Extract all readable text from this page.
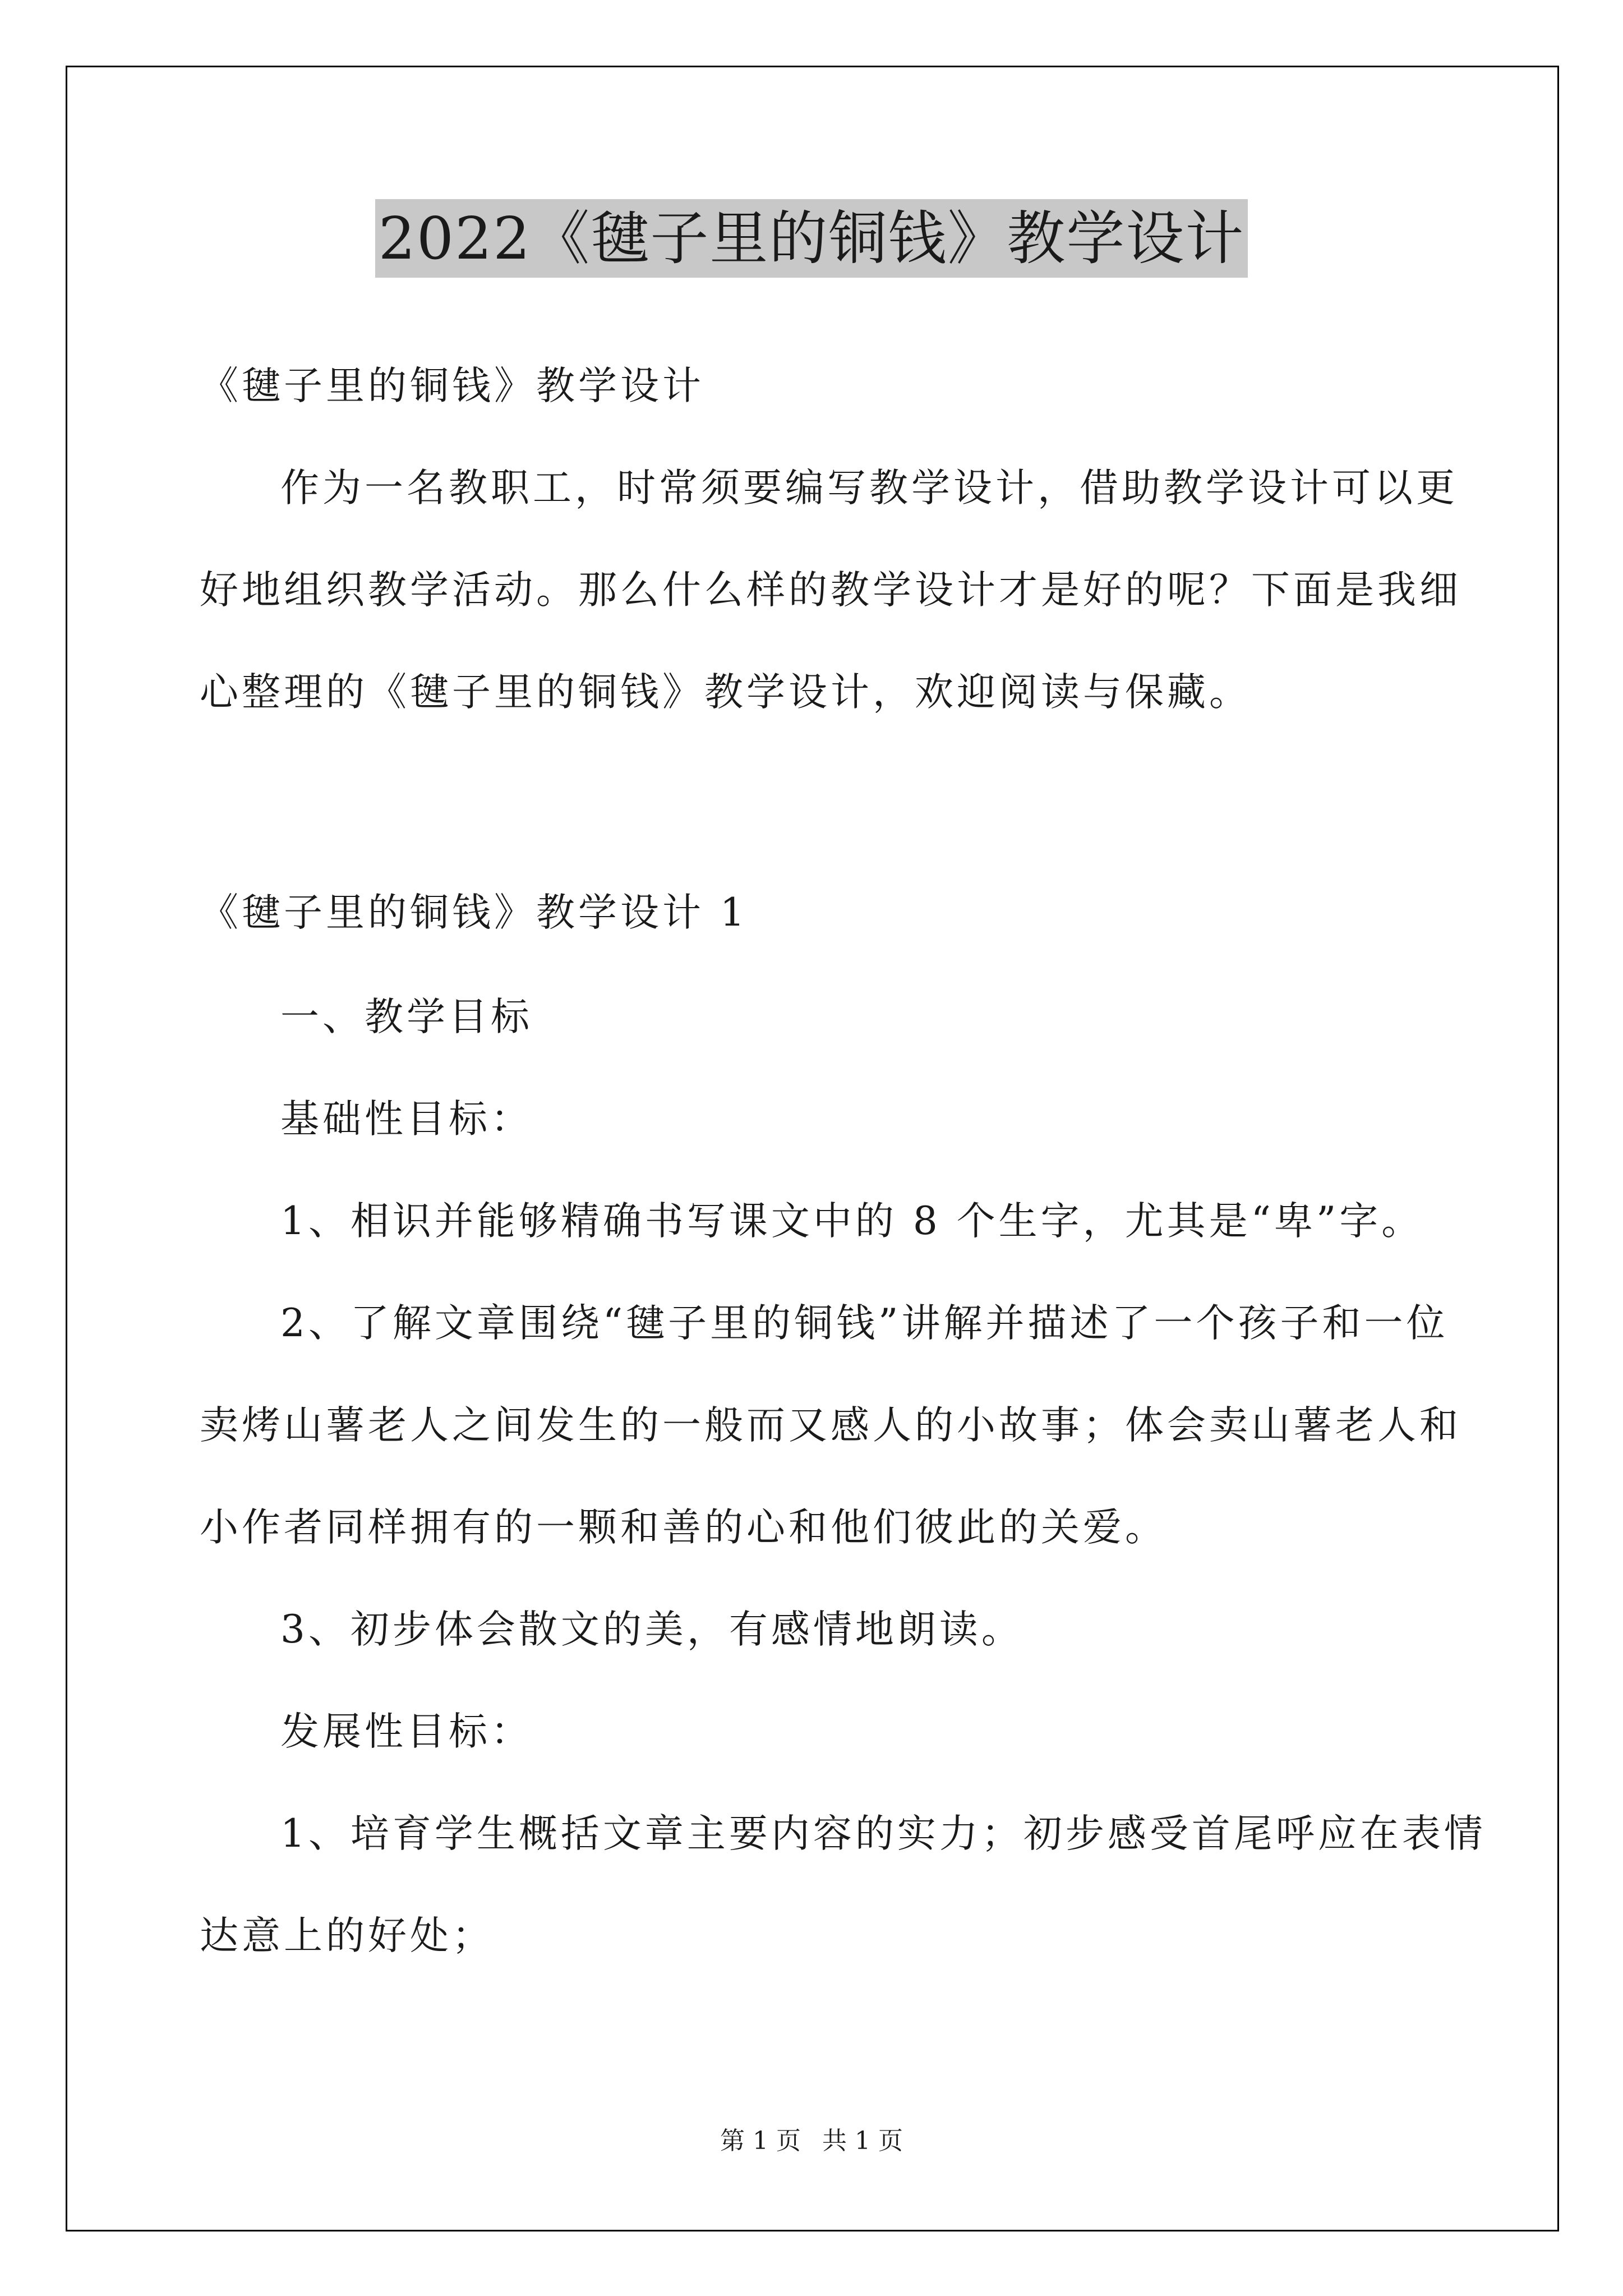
2022《毽子里的铜钱》教学设计
《毽子里的铜钱》教学设计
作为一名教职工，时常须要编写教学设计，借助教学设计可以更
好地组织教学活动。那么什么样的教学设计才是好的呢？下面是我细
心整理的《毽子里的铜钱》教学设计，欢迎阅读与保藏。
《毽子里的铜钱》教学设计 1
一、教学目标
基础性目标：
1、相识并能够精确书写课文中的 8 个生字，尤其是“卑”字。
2、了解文章围绕“毽子里的铜钱”讲解并描述了一个孩子和一位
卖烤山薯老人之间发生的一般而又感人的小故事；体会卖山薯老人和
小作者同样拥有的一颗和善的心和他们彼此的关爱。
3、初步体会散文的美，有感情地朗读。
发展性目标：
1、培育学生概括文章主要内容的实力；初步感受首尾呼应在表情
达意上的好处；
第 1 页 共 1 页
